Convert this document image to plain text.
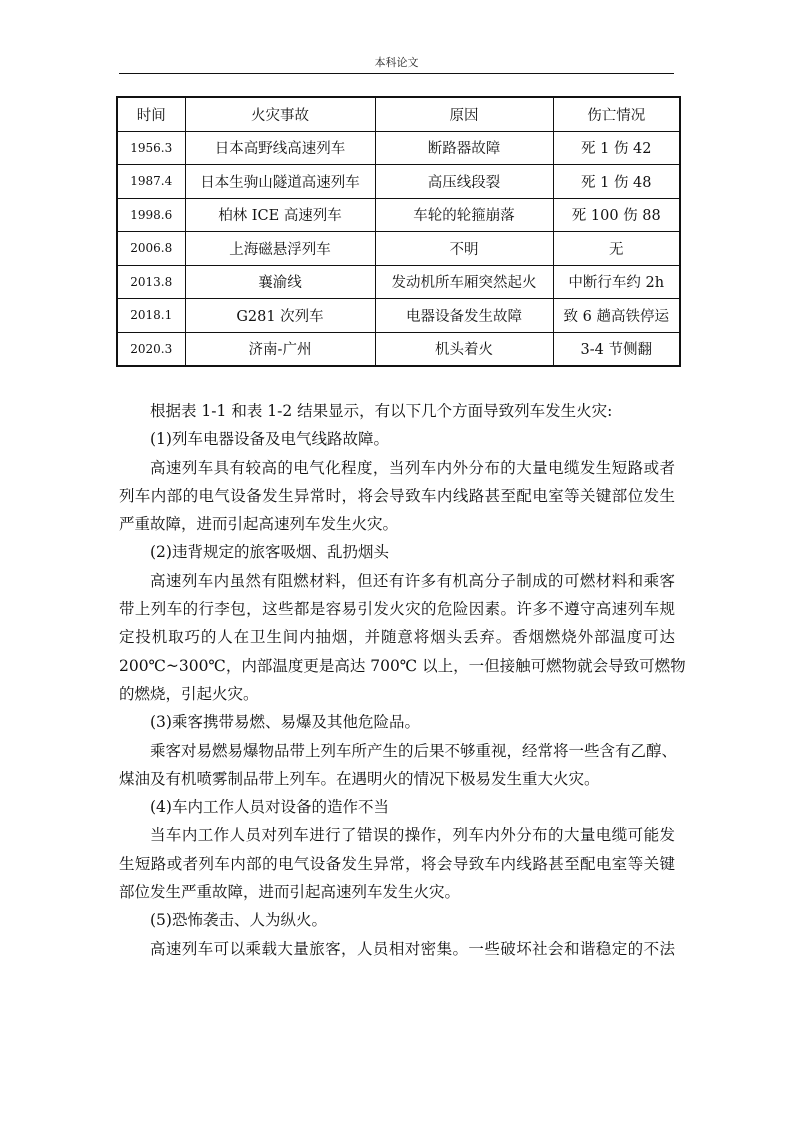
本科论文
时间	火灾事故	原因	伤亡情况
1956.3	日本高野线高速列车	断路器故障	死 1 伤 42
1987.4	日本生驹山隧道高速列车	高压线段裂	死 1 伤 48
1998.6	柏林 ICE 高速列车	车轮的轮箍崩落	死 100 伤 88
2006.8	上海磁悬浮列车	不明	无
2013.8	襄渝线	发动机所车厢突然起火	中断行车约 2h
2018.1	G281 次列车	电器设备发生故障	致 6 趟高铁停运
2020.3	济南-广州	机头着火	3-4 节侧翻
根据表 1-1 和表 1-2 结果显示，有以下几个方面导致列车发生火灾:
(1)列车电器设备及电气线路故障。
高速列车具有较高的电气化程度，当列车内外分布的大量电缆发生短路或者
列车内部的电气设备发生异常时，将会导致车内线路甚至配电室等关键部位发生
严重故障，进而引起高速列车发生火灾。
(2)违背规定的旅客吸烟、乱扔烟头
高速列车内虽然有阻燃材料，但还有许多有机高分子制成的可燃材料和乘客
带上列车的行李包，这些都是容易引发火灾的危险因素。许多不遵守高速列车规
定投机取巧的人在卫生间内抽烟，并随意将烟头丢弃。香烟燃烧外部温度可达
200℃~300℃，内部温度更是高达 700℃ 以上，一但接触可燃物就会导致可燃物
的燃烧，引起火灾。
(3)乘客携带易燃、易爆及其他危险品。
乘客对易燃易爆物品带上列车所产生的后果不够重视，经常将一些含有乙醇、
煤油及有机喷雾制品带上列车。在遇明火的情况下极易发生重大火灾。
(4)车内工作人员对设备的造作不当
当车内工作人员对列车进行了错误的操作，列车内外分布的大量电缆可能发
生短路或者列车内部的电气设备发生异常，将会导致车内线路甚至配电室等关键
部位发生严重故障，进而引起高速列车发生火灾。
(5)恐怖袭击、人为纵火。
高速列车可以乘载大量旅客，人员相对密集。一些破坏社会和谐稳定的不法
